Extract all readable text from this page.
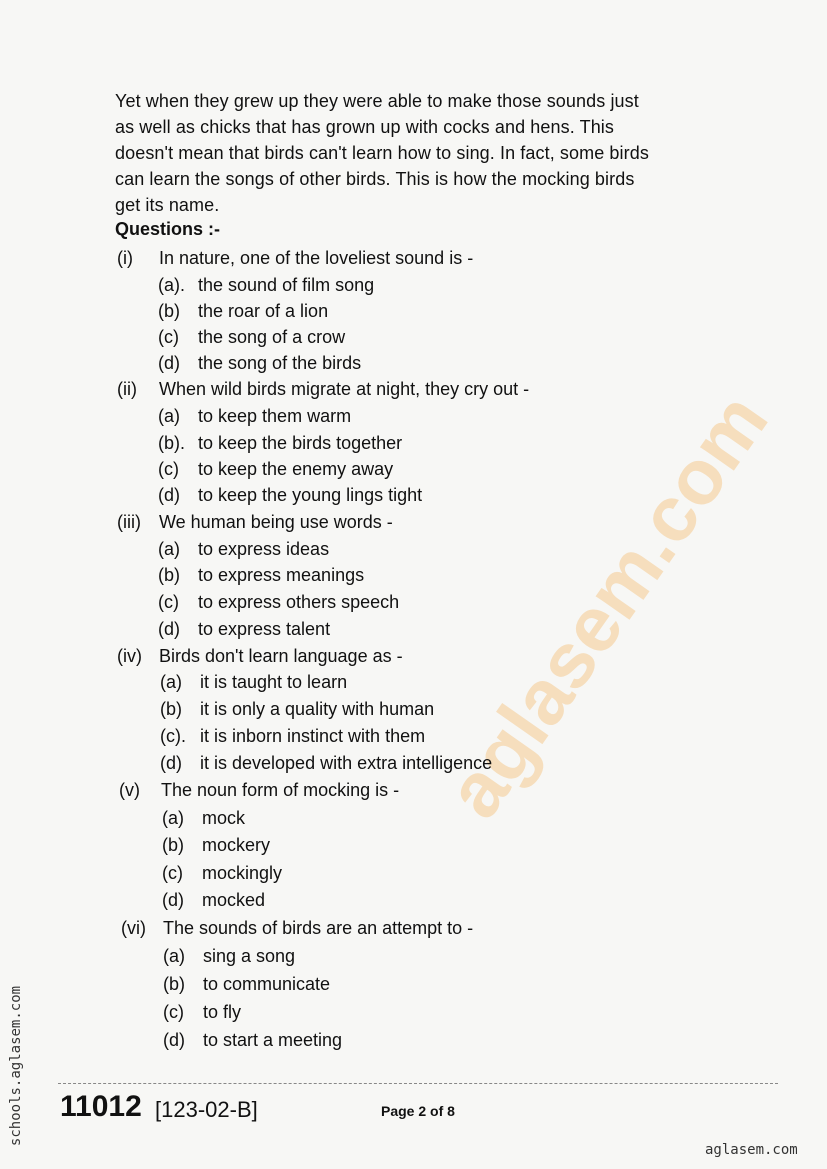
aglasem.com
Yet when they grew up they were able to make those sounds just
as well as chicks that has grown up with cocks and hens. This
doesn't mean that birds can't learn how to sing. In fact, some birds
can learn the songs of other birds. This is how the mocking birds
get its name.
Questions :-
(i) In nature, one of the loveliest sound is -
(a). the sound of film song
(b) the roar of a lion
(c) the song of a crow
(d) the song of the birds
(ii) When wild birds migrate at night, they cry out -
(a) to keep them warm
(b). to keep the birds together
(c) to keep the enemy away
(d) to keep the young lings tight
(iii) We human being use words -
(a) to express ideas
(b) to express meanings
(c) to express others speech
(d) to express talent
(iv) Birds don't learn language as -
(a) it is taught to learn
(b) it is only a quality with human
(c). it is inborn instinct with them
(d) it is developed with extra intelligence
(v) The noun form of mocking is -
(a) mock
(b) mockery
(c) mockingly
(d) mocked
(vi) The sounds of birds are an attempt to -
(a) sing a song
(b) to communicate
(c) to fly
(d) to start a meeting
schools.aglasem.com 11012 [123-02-B]	Page 2 of 8
aglasem.com
